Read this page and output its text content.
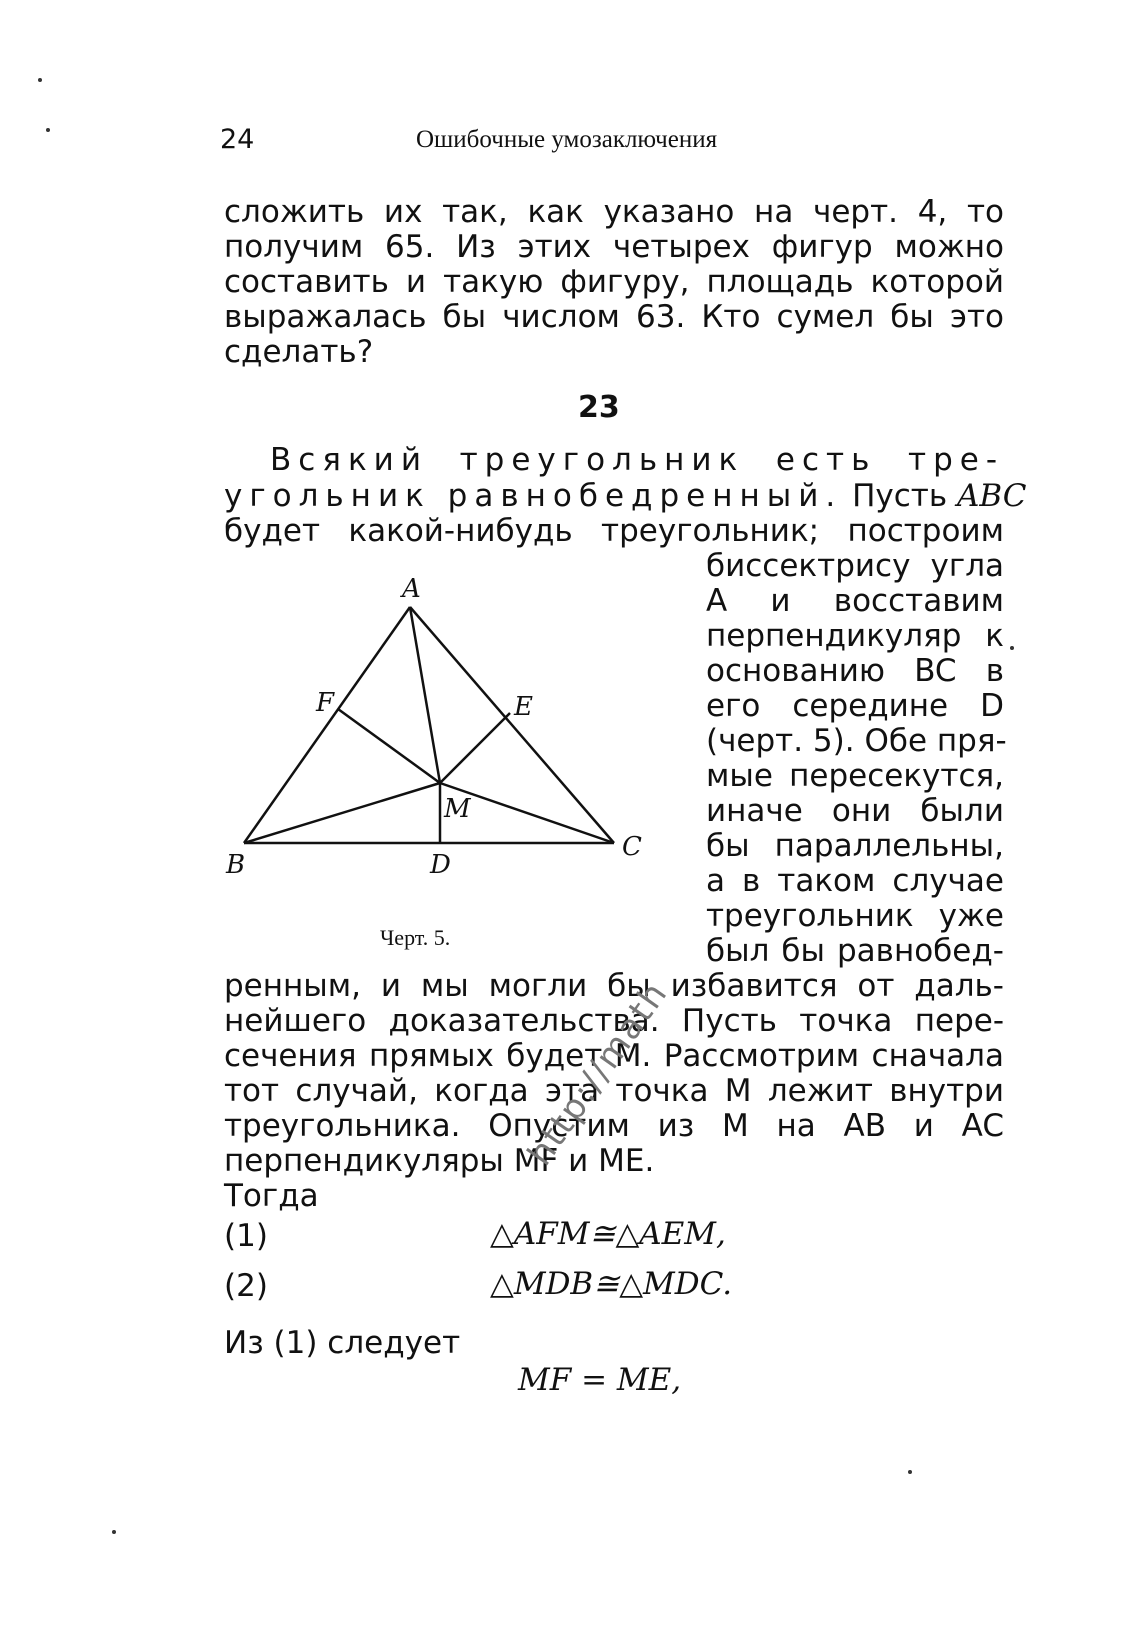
24	Ошибочные умозаключения
сложить их так, как указано на черт. 4, то
получим 65. Из этих четырех фигур можно
составить и такую фигуру, площадь которой
выражалась бы числом 63. Кто сумел бы это
сделать?
23
Всякий треугольник есть тре-
угольник равнобедренный. Пусть ABC
будет какой-нибудь треугольник; построим
биссектрису угла
A и восставим
перпендикуляр к
основанию BC в
его середине D
(черт. 5). Обе пря-
мые пересекутся,
иначе они были
бы параллельны,
а в таком случае
треугольник уже
был бы равнобед-
A
B
C
D
E
F
M
Черт. 5.
ренным, и мы могли бы избавится от даль-
нейшего доказательства. Пусть точка пере-
сечения прямых будет M. Рассмотрим сначала
тот случай, когда эта точка M лежит внутри
треугольника. Опустим из M на AB и AC
перпендикуляры MF и ME.
Тогда
(1)	△AFM≅△AEM,
(2)	△MDB≅△MDC.
Из (1) следует
MF = ME,
http://math
